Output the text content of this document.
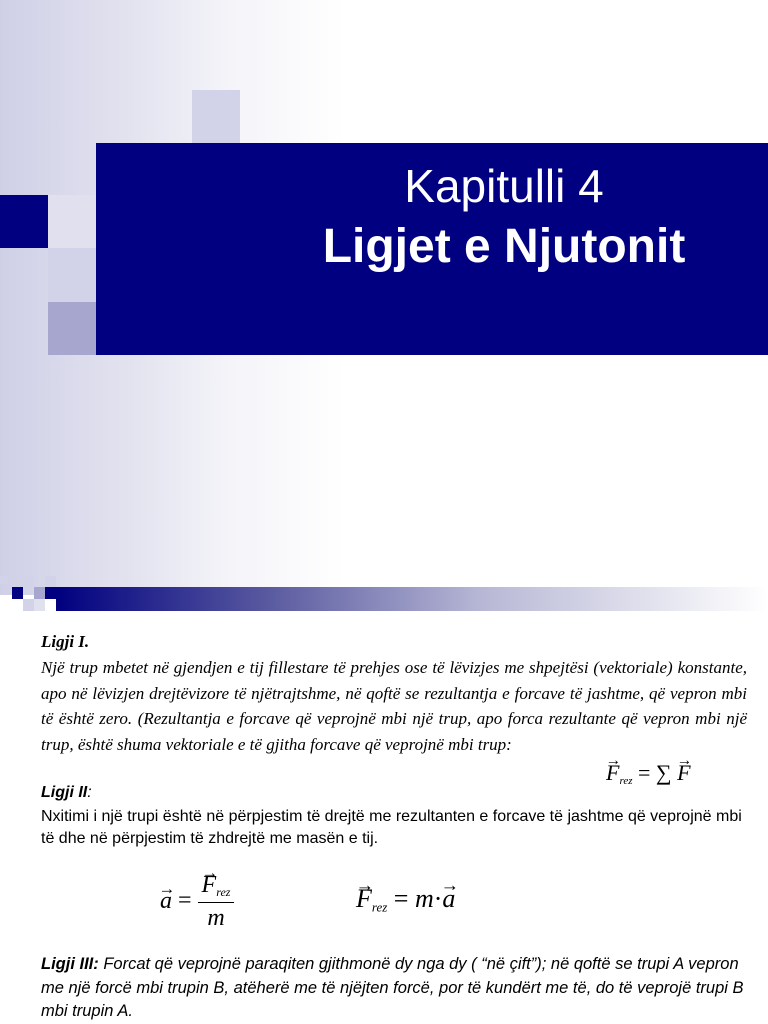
Kapitulli 4
Ligjet e Njutonit
Ligji I.
Një trup mbetet në gjendjen e tij fillestare të prehjes ose të lëvizjes me shpejtësi (vektoriale) konstante, apo në lëvizjen drejtëvizore të njëtrajtshme, në qoftë se rezultantja e forcave të jashtme, që vepron mbi të është zero. (Rezultantja e forcave që veprojnë mbi një trup, apo forca rezultante që vepron mbi një trup, është shuma vektoriale e të gjitha forcave që veprojnë mbi trup:
→ $F_{rez}$ = ∑ → F
Ligji II:
Nxitimi i një trupi është në përpjestim të drejtë me rezultanten e forcave të jashtme që veprojnë mbi të dhe në përpjestim të zhdrejtë me masën e tij.
→ a = → $\frac{F_{rez}}{m}$	→ $F_{rez} = m\cdot\to a$
Ligji III: Forcat që veprojnë paraqiten gjithmonë dy nga dy ( “në çift”); në qoftë se trupi A vepron me një forcë mbi trupin B, atëherë me të njëjten forcë, por të kundërt me të, do të veprojë trupi B mbi trupin A.
